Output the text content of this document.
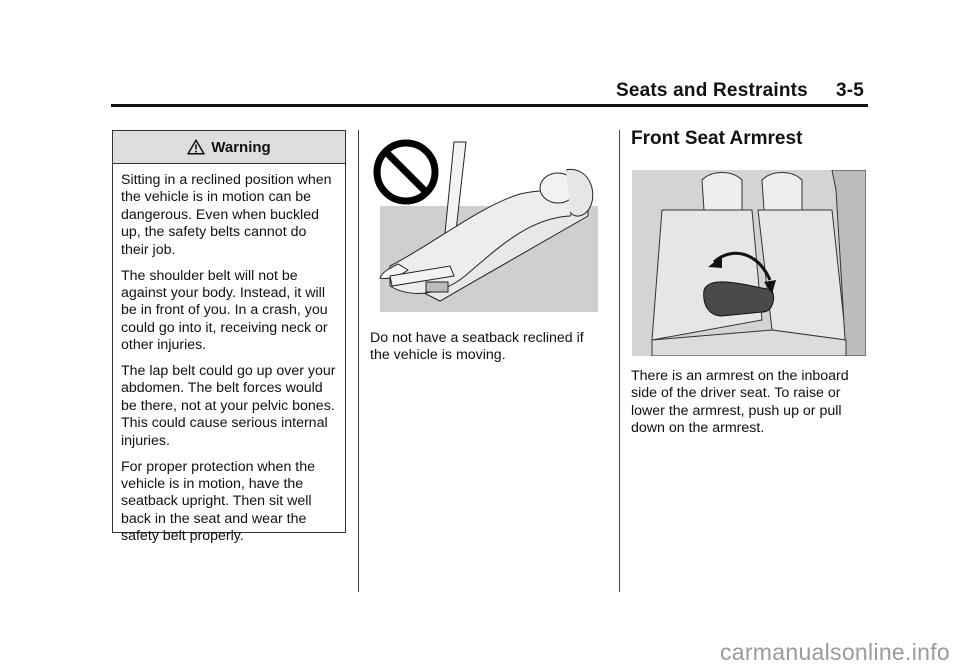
Seats and Restraints 3-5
Warning

Sitting in a reclined position when the vehicle is in motion can be dangerous. Even when buckled up, the safety belts cannot do their job.

The shoulder belt will not be against your body. Instead, it will be in front of you. In a crash, you could go into it, receiving neck or other injuries.

The lap belt could go up over your abdomen. The belt forces would be there, not at your pelvic bones. This could cause serious internal injuries.

For proper protection when the vehicle is in motion, have the seatback upright. Then sit well back in the seat and wear the safety belt properly.

Do not have a seatback reclined if the vehicle is moving.
Front Seat Armrest
There is an armrest on the inboard side of the driver seat. To raise or lower the armrest, push up or pull down on the armrest.
carmanualsonline.info
